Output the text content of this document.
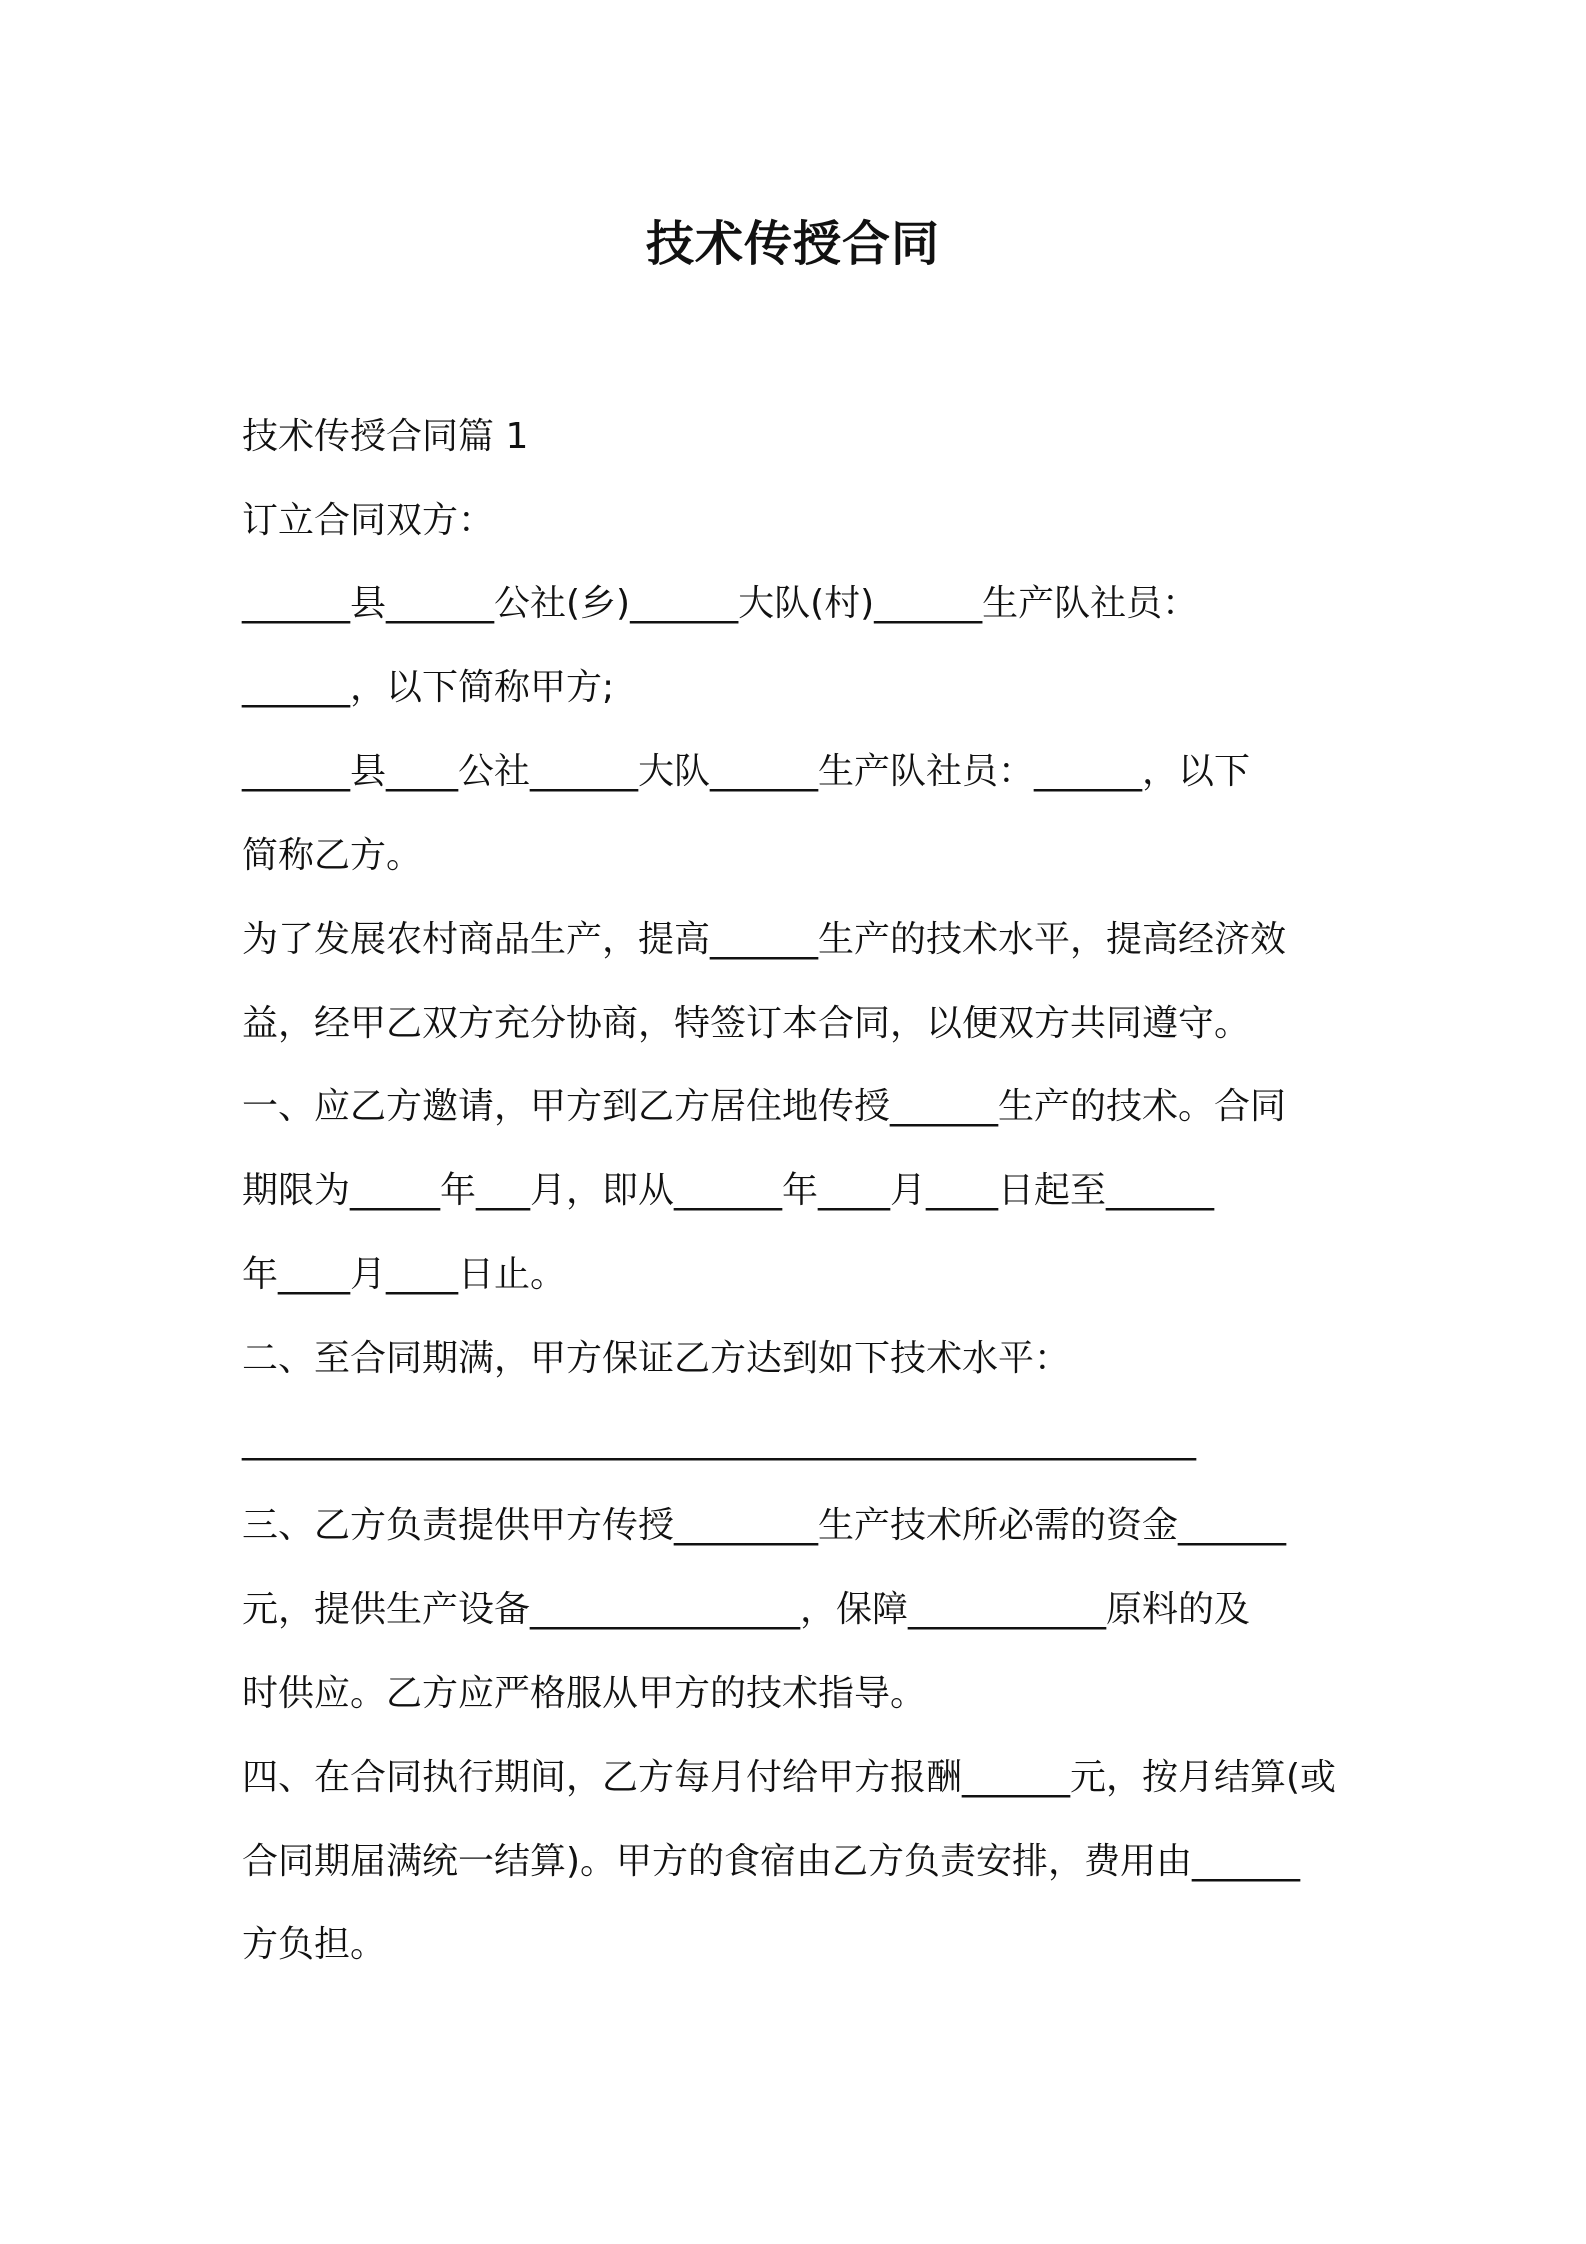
技术传授合同

技术传授合同篇 1

订立合同双方：

______县______公社(乡)______大队(村)______生产队社员：

______，以下简称甲方;

______县____公社______大队______生产队社员：______，以下

简称乙方。

为了发展农村商品生产，提高______生产的技术水平，提高经济效

益，经甲乙双方充分协商，特签订本合同，以便双方共同遵守。

一、应乙方邀请，甲方到乙方居住地传授______生产的技术。合同

期限为_____年___月，即从______年____月____日起至______

年____月____日止。

二、至合同期满，甲方保证乙方达到如下技术水平：

_____________________________________________________

三、乙方负责提供甲方传授________生产技术所必需的资金______

元，提供生产设备_______________，保障___________原料的及

时供应。乙方应严格服从甲方的技术指导。

四、在合同执行期间，乙方每月付给甲方报酬______元，按月结算(或

合同期届满统一结算)。甲方的食宿由乙方负责安排，费用由______

方负担。
